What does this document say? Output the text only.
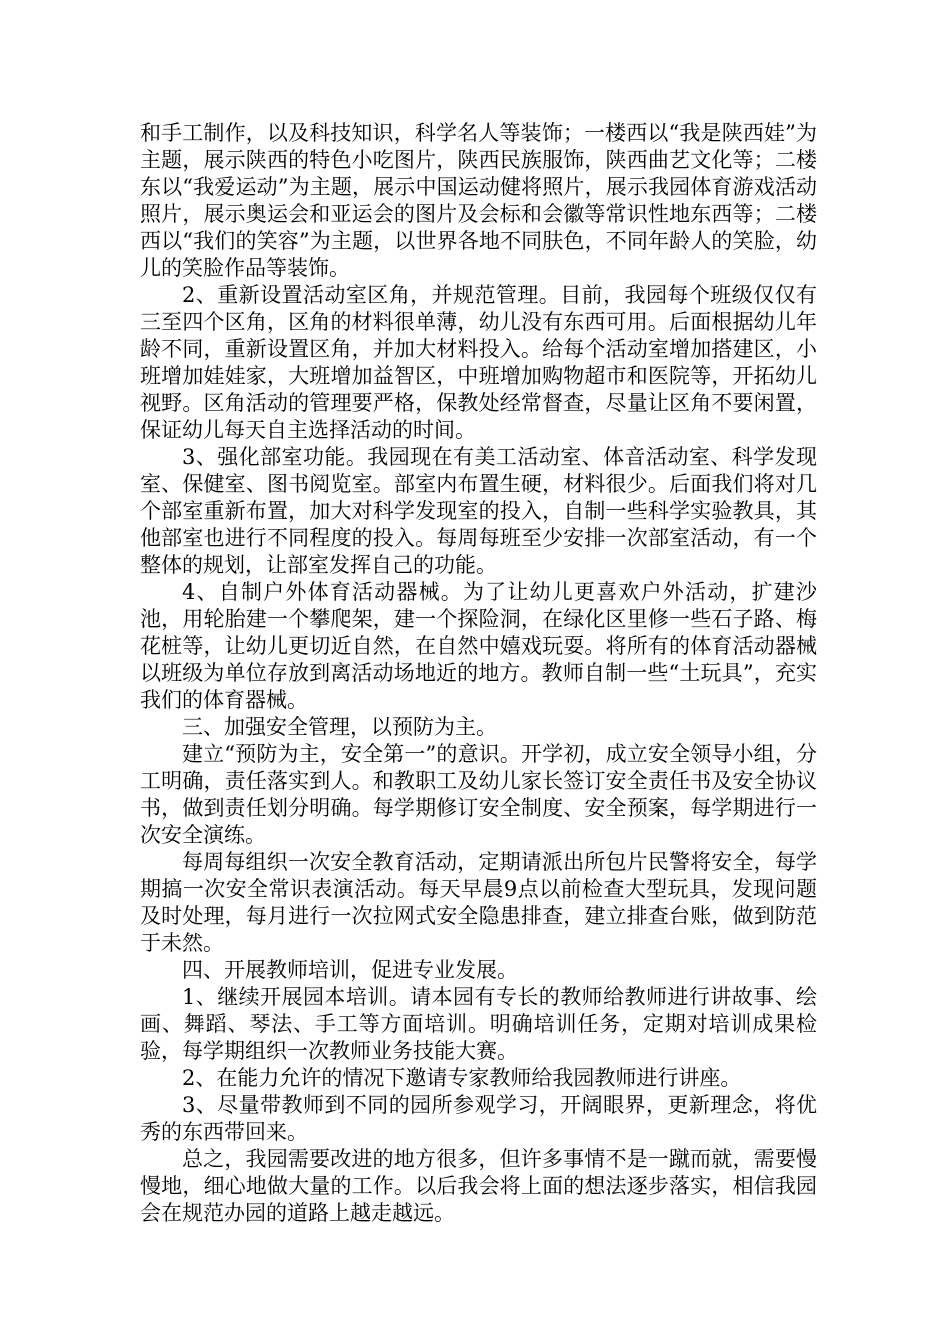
和手工制作，以及科技知识，科学名人等装饰；一楼西以“我是陕西娃”为主题，展示陕西的特色小吃图片，陕西民族服饰，陕西曲艺文化等；二楼东以“我爱运动”为主题，展示中国运动健将照片，展示我园体育游戏活动照片，展示奥运会和亚运会的图片及会标和会徽等常识性地东西等；二楼西以“我们的笑容”为主题，以世界各地不同肤色，不同年龄人的笑脸，幼儿的笑脸作品等装饰。

2、重新设置活动室区角，并规范管理。目前，我园每个班级仅仅有三至四个区角，区角的材料很单薄，幼儿没有东西可用。后面根据幼儿年龄不同，重新设置区角，并加大材料投入。给每个活动室增加搭建区，小班增加娃娃家，大班增加益智区，中班增加购物超市和医院等，开拓幼儿视野。区角活动的管理要严格，保教处经常督查，尽量让区角不要闲置，保证幼儿每天自主选择活动的时间。

3、强化部室功能。我园现在有美工活动室、体音活动室、科学发现室、保健室、图书阅览室。部室内布置生硬，材料很少。后面我们将对几个部室重新布置，加大对科学发现室的投入，自制一些科学实验教具，其他部室也进行不同程度的投入。每周每班至少安排一次部室活动，有一个整体的规划，让部室发挥自己的功能。

4、自制户外体育活动器械。为了让幼儿更喜欢户外活动，扩建沙池，用轮胎建一个攀爬架，建一个探险洞，在绿化区里修一些石子路、梅花桩等，让幼儿更切近自然，在自然中嬉戏玩耍。将所有的体育活动器械以班级为单位存放到离活动场地近的地方。教师自制一些“土玩具”，充实我们的体育器械。

三、加强安全管理，以预防为主。

建立“预防为主，安全第一”的意识。开学初，成立安全领导小组，分工明确，责任落实到人。和教职工及幼儿家长签订安全责任书及安全协议书，做到责任划分明确。每学期修订安全制度、安全预案，每学期进行一次安全演练。

每周每组织一次安全教育活动，定期请派出所包片民警将安全，每学期搞一次安全常识表演活动。每天早晨9点以前检查大型玩具，发现问题及时处理，每月进行一次拉网式安全隐患排查，建立排查台账，做到防范于未然。

四、开展教师培训，促进专业发展。

1、继续开展园本培训。请本园有专长的教师给教师进行讲故事、绘画、舞蹈、琴法、手工等方面培训。明确培训任务，定期对培训成果检验，每学期组织一次教师业务技能大赛。

2、在能力允许的情况下邀请专家教师给我园教师进行讲座。

3、尽量带教师到不同的园所参观学习，开阔眼界，更新理念，将优秀的东西带回来。

总之，我园需要改进的地方很多，但许多事情不是一蹴而就，需要慢慢地，细心地做大量的工作。以后我会将上面的想法逐步落实，相信我园会在规范办园的道路上越走越远。
